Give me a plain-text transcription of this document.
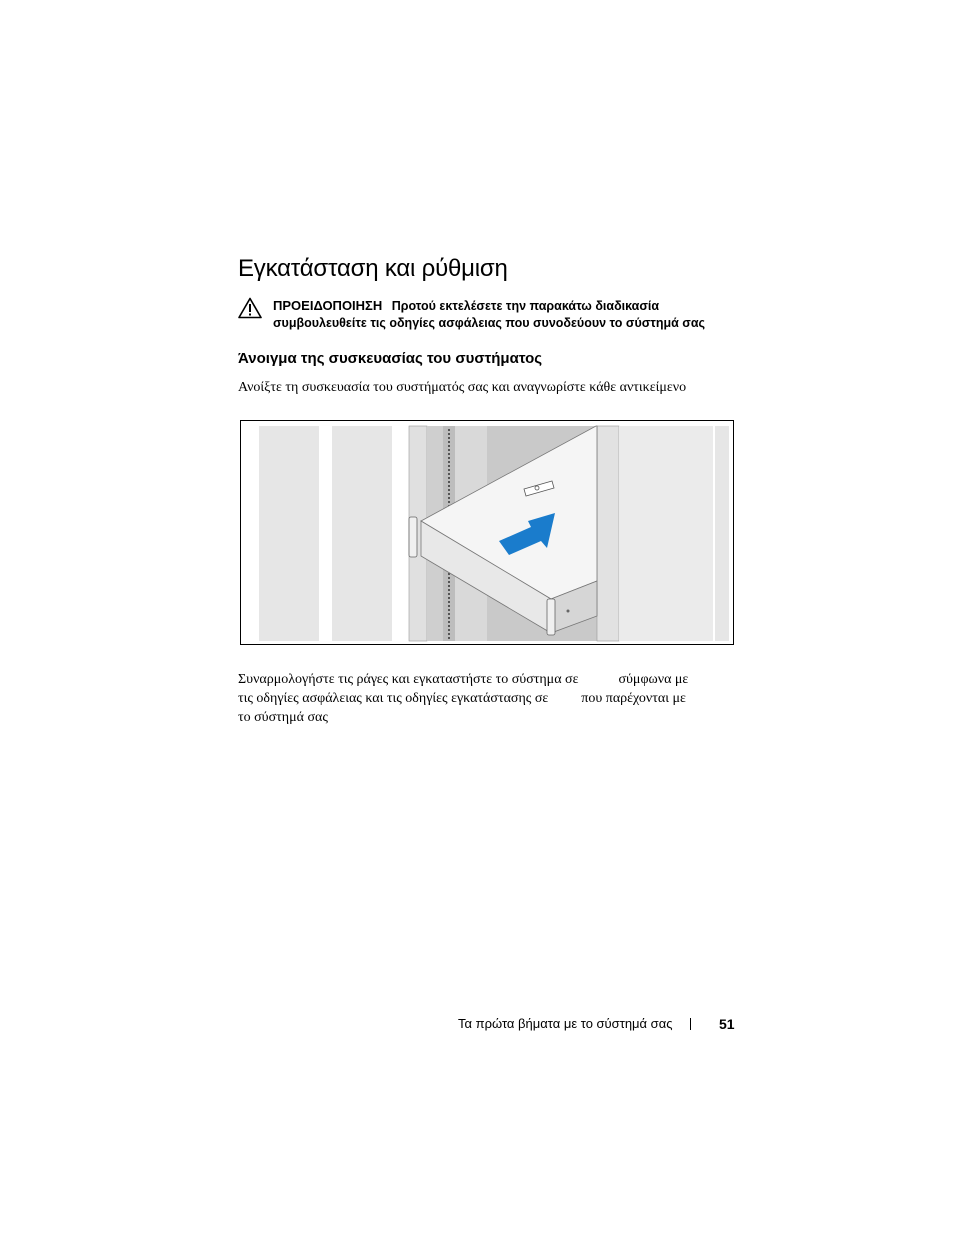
Εγκατάσταση και ρύθμιση
ΠΡΟΕΙΔΟΠΟΙΗΣΗ Προτού εκτελέσετε την παρακάτω διαδικασία
συμβουλευθείτε τις οδηγίες ασφάλειας που συνοδεύουν το σύστημά σας
Άνοιγμα της συσκευασίας του συστήματος
Ανοίξτε τη συσκευασία του συστήματός σας και αναγνωρίστε κάθε αντικείμενο
Συναρμολογήστε τις ράγες και εγκαταστήστε το σύστημα σε	σύμφωνα με
τις οδηγίες ασφάλειας και τις οδηγίες εγκατάστασης σε που παρέχονται με
το σύστημά σας
Τα πρώτα βήματα με το σύστημά σας	51
